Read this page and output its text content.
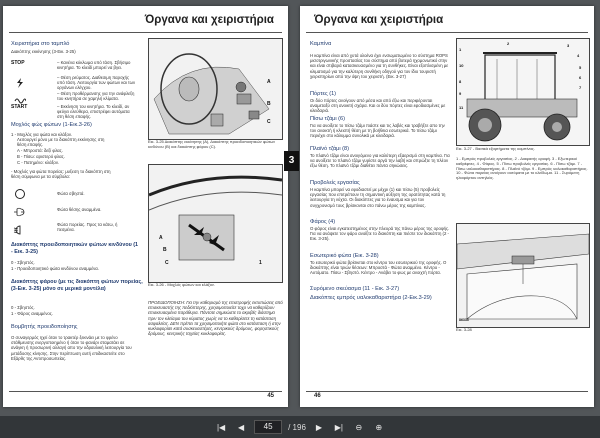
Όργανα και χειριστήρια
Χειριστήρια στο ταμπλό
Διακόπτης εκκίνησης (3-Εικ. 3-25)
STOP	– Κανένα κύκλωμα υπό τάση. Σβήσιμο κινητήρα. Το κλειδί μπορεί να βγει.
– Θέση ρεύματος. Διαθεσιμη παροχής υπό τάση. Λειτουργία των φώτων και των οργάνων ελέγχου.
– Θέση προθέρμανσης για την ανάφλεξη του κινητήρα σε χαμηλή κλίματα.
START	– Εκκίνηση του κινητήρα. Το κλειδί, αν φεύγει ελεύθερα, επιστρέφει αυτόματα στη θέση επαφής.
Μοχλός φώς φώτων (1-Εικ.3-26)
1 - Μοχλός για φώτα και κλάξον.
Λειτουργεί μόνο με το διακόπτη εκκίνησης στη θέση επαφής.
A - Μπροστά: δεξί φλας.
B - Πίσω: αριστερό φλας.
C - Πατημένο: κλάξον.
- Μοχλός για φώτα πορείας: μυξεση το διακόπτη στη θέση σύμφωνα με τα σύμβολα:
Φώτα σβηστά.
Φώτα θέσης αναμμένα.
Φώτα πορείας. Προς τα κάτω, ή πεσμένα.
Διακόπτης προειδοποιητικών φώτων κινδύνου (1 - Εικ. 3-25)
0 - Σβηστός.
1 - Προειδοποιητικό φώτα κινδύνου αναμμένα.
Διακόπτης φάρου (με τις διακόπτη φώτων πορείας, (3-Εικ. 3-25) μόνο σε μερικά μοντέλα)
0 - Σβηστός.
1 - Φάρος αναμμένος.
Βομβητής προειδοποίησης
Ο συναγερμός ηχεί όταν το τρακτέρ ξεκινάει με το φρένο στάθμευσης ενεργοποιημένο ή όταν το φανάρι σταματάει σε ανάγκη ή προσωρινή αλλαγή απο την υδραυλική λειτουργία του μετάδοσης κίνησης. Στην περίπτωση αυτή επιδικαστείτε στο Εξάρθς της Αντιπροσωπείας.
A
B
C
Εικ. 3-25 Διακόπτης εκκίνησης (A), Διακόπτης προειδοποιητικών φώτων κινδύνου (B) και διακόπτης φάρου (C).
A
B
C	1
Εικ. 3-26 - Μοχλός φώτων και κλάξον.
ΠΡΟΕΙΔΟΠΟΙΗΣΗ: Για την καθαρισμό της επιστροφής εκτυπώσεις από επισκευαστής της πεδιόπτερης, χρησιμοποιείτε τοχρ να καθαρίζουν επισκευασμένα παράθυρα. Πάντοτε σημειώστε το ακριβές διάστημα πριν τον κλείσιμο του κύματος χωρίς να το καθαρίσετε τη κατάσταση ασφαλείας. ΔΕΝ πρέπει τα χρησιμοποιήτε φώτα στο κατάσταση ή στην κυκλοφορίαs κατά συσκευαστέρες, κεντρικούς δρόμους, φορηστικούς δρόμους, κεντρικής ταχείας κυκλοφορίας.
45
3
Όργανα και χειριστήρια
Καμπίνα
Η καμπίνα είναι από χυτά ολοένα έχει ενσωματωμένο το σύστημα ROPS μισοτριγωνικής προστασίας του σύστημα από βοτερά ηχομονωτικό στην και είναι στιβαρά κατασκευασμένο για τη συνθήκες. Είναι εξοπλισμένη με κλιματισμό για την καλύτερη συνθήκη οδηγού για τον ίδιο τουριστή χειριστηρίων από την όψη του χειριστή. (Εικ. 3-27)
Πόρτες (1)
Οι δύο πόρτες ανοίγουν από μέσα και από έξω και περιφέρονται αναμεταξύ στη ανοικτή σχάρα. Και οι δύο πόρτες είναι εφοδιασμένες με κλειδαριά.
Πίσω τζάμι (6)
Για να ανοίξετε το πίσω τζάμι πιάστε και τις λαβές και τραβήξτε απο την τον ανοικτή ή κλειστή θέση με τη βοήθεια εσωτερικά. Το πίσω τζάμι περιέχει στο κάλυμμα συνολικά με κλειδαριά.
Πλαϊνό τζάμι (8)
Το πλαϊνό τζάμι είναι ανοιγόμενο για καλύτερη εξαερισμό στη καμπίνα. Για να ανοίξετε το πλαϊνό τζάμι γυρίστε αργά την λαβή και σπρώξτε τη πλέον έξω θέση. Το πλαϊνό τζάμι διαθέτει πάντα σηκώσεις.
Προβολείς εργασίας
Η καμπίνα μπορεί να εφοδιαστεί με μέχρι (1) και πίσω (5) προβολείς εργασίας που επιτρέπουν τη σημαντική αύξηση της ορατότητας κατά τη λειτουργία τη νύχτα. Οι διακόπτες για το έναυσμα και για τον συγχρονισμό τους βρίσκονται στο πάνω μέρος της καμπίνας.
Φάρος (4)
Ο φάρος είναι εγκατεστημένος στην πλευρά της πάνω μέρος της οροφής. Για να ανάψετε τον φάρο ανοίξτε το διακόπτη και πιέστε τον διακόπτη (2 - Εικ. 3-25).
Εσωτερικό φώτα (Εικ. 3-28)
Το εσωτερικό φώτα βρίσκεται στο κέντρο του εσωτερικού της οροφής. Ο διακόπτης είναι τριών θέσεων: Μπροστά - Φώτα αναμμένο. Κέντρο - Αυτόματο. Πίσω - Σβηστό. Κέντρο - Ανάβει το φως με ανοιχτή πόρτα.
Συρόμενο σκεύασμα (11 - Εικ. 3-27)
Διακόπτες εμπρός υαλοκαθαριστήρα (2-Εικ.3-29)
1
2	3
4
5
6
7
8
9
10
11
Εικ. 3-27 - Βασικά εξαρτήματα της καμπίνας.
1 - Εμπρός προβολείς εργασίας. 2 - Διαφανής οροφή. 3 - Εξωτερικοί καθρέφτες. 4 - Φάρος. 5 - Πίσω προβολείς εργασίας. 6 - Πίσω τζάμι. 7 - Πίσω υαλοκαθαριστήρας. 8 - Πλαϊνό τζάμι. 9 - Εμπρός υαλοκαθαριστήρας. 10 - Φώτα πορείας ανοίγουν αυτόματα με το κλείδωμα. 11 - Συρόμενη ηλιοφόρτου αντηλιάς.
86333
Εικ. 3-28
46
|◀	◀	45	/ 196	▶	▶|	⊖	⊕
